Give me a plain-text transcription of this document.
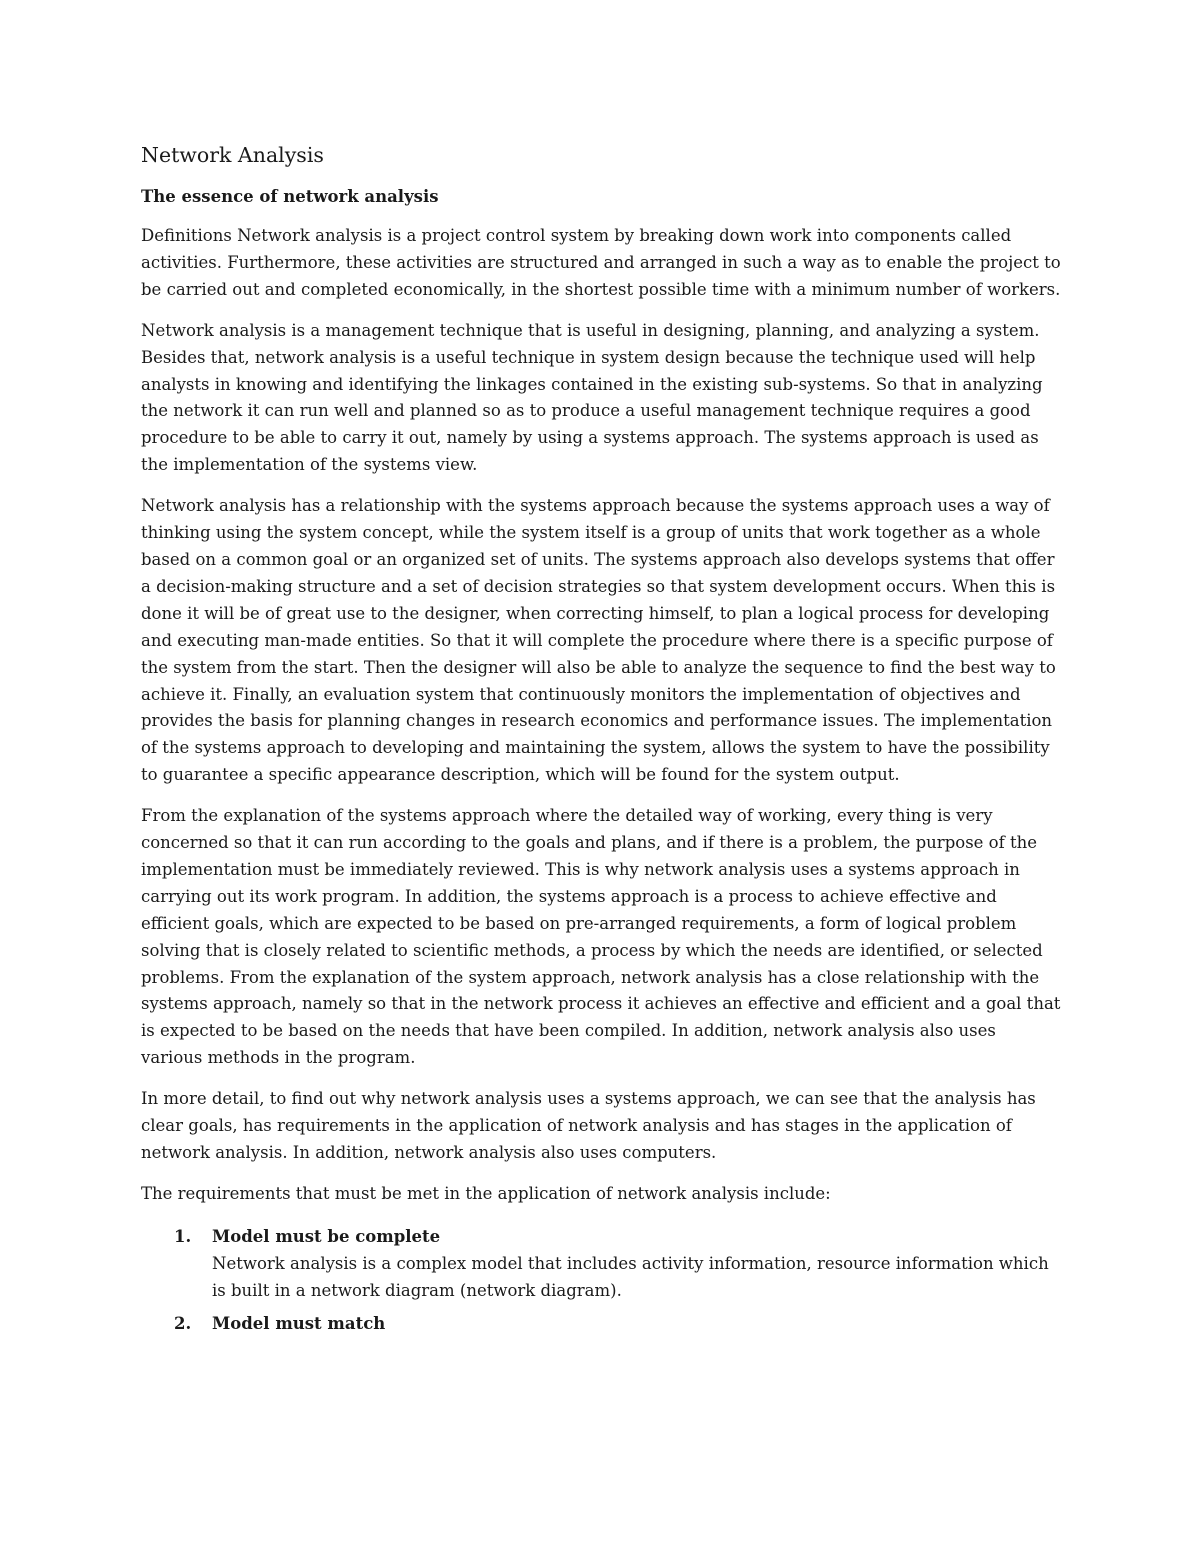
Network Analysis
The essence of network analysis

Definitions Network analysis is a project control system by breaking down work into components called activities. Furthermore, these activities are structured and arranged in such a way as to enable the project to be carried out and completed economically, in the shortest possible time with a minimum number of workers.

Network analysis is a management technique that is useful in designing, planning, and analyzing a system. Besides that, network analysis is a useful technique in system design because the technique used will help analysts in knowing and identifying the linkages contained in the existing sub-systems. So that in analyzing the network it can run well and planned so as to produce a useful management technique requires a good procedure to be able to carry it out, namely by using a systems approach. The systems approach is used as the implementation of the systems view.

Network analysis has a relationship with the systems approach because the systems approach uses a way of thinking using the system concept, while the system itself is a group of units that work together as a whole based on a common goal or an organized set of units. The systems approach also develops systems that offer a decision-making structure and a set of decision strategies so that system development occurs. When this is done it will be of great use to the designer, when correcting himself, to plan a logical process for developing and executing man-made entities. So that it will complete the procedure where there is a specific purpose of the system from the start. Then the designer will also be able to analyze the sequence to find the best way to achieve it. Finally, an evaluation system that continuously monitors the implementation of objectives and provides the basis for planning changes in research economics and performance issues. The implementation of the systems approach to developing and maintaining the system, allows the system to have the possibility to guarantee a specific appearance description, which will be found for the system output.

From the explanation of the systems approach where the detailed way of working, every thing is very concerned so that it can run according to the goals and plans, and if there is a problem, the purpose of the implementation must be immediately reviewed. This is why network analysis uses a systems approach in carrying out its work program. In addition, the systems approach is a process to achieve effective and efficient goals, which are expected to be based on pre-arranged requirements, a form of logical problem solving that is closely related to scientific methods, a process by which the needs are identified, or selected problems. From the explanation of the system approach, network analysis has a close relationship with the systems approach, namely so that in the network process it achieves an effective and efficient and a goal that is expected to be based on the needs that have been compiled. In addition, network analysis also uses various methods in the program.

In more detail, to find out why network analysis uses a systems approach, we can see that the analysis has clear goals, has requirements in the application of network analysis and has stages in the application of network analysis. In addition, network analysis also uses computers.

The requirements that must be met in the application of network analysis include:

1. Model must be complete
Network analysis is a complex model that includes activity information, resource information which is built in a network diagram (network diagram).
2. Model must match
